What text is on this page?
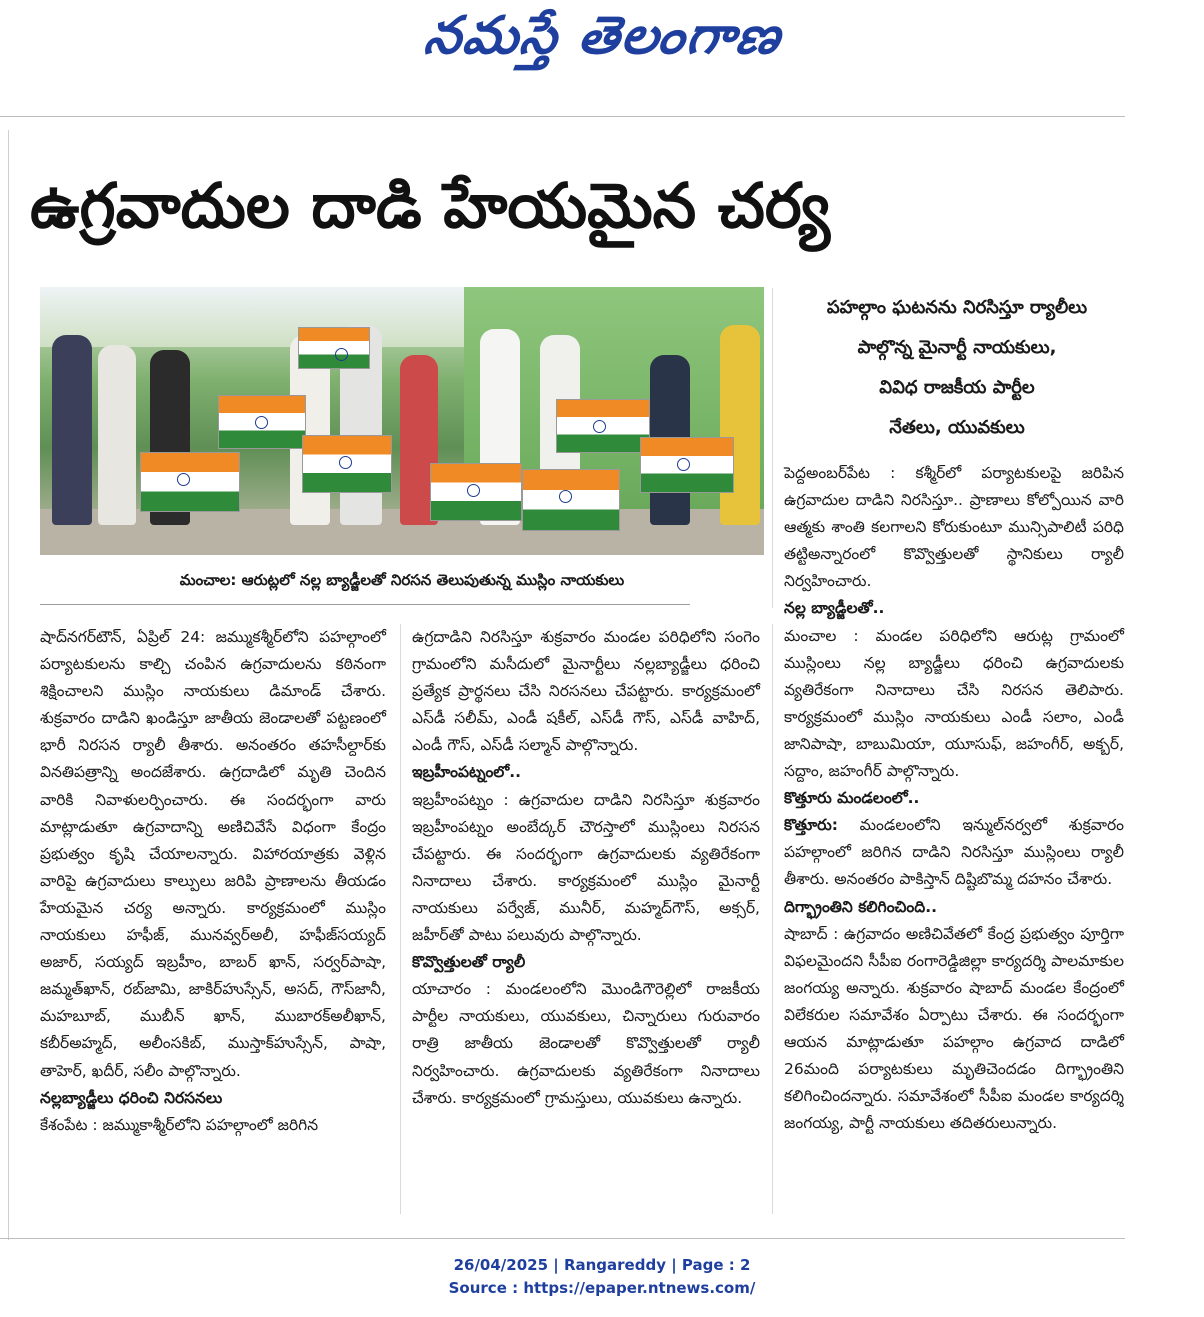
నమస్తే తెలంగాణ
ఉగ్రవాదుల దాడి హేయమైన చర్య
మంచాల: ఆరుట్లలో నల్ల బ్యాడ్జీలతో నిరసన తెలుపుతున్న ముస్లిం నాయకులు
పహల్గాం ఘటనను నిరసిస్తూ ర్యాలీలు
పాల్గొన్న మైనార్టీ నాయకులు,
వివిధ రాజకీయ పార్టీల
నేతలు, యువకులు

షాద్‌నగర్‌టౌన్‌, ఏప్రిల్‌ 24: జమ్ముకశ్మీర్‌లోని పహల్గాంలో పర్యాటకులను కాల్చి చంపిన ఉగ్రవాదులను కఠినంగా శిక్షించాలని ముస్లిం నాయకులు డిమాండ్‌ చేశారు. శుక్రవారం దాడిని ఖండిస్తూ జాతీయ జెండాలతో పట్టణంలో భారీ నిరసన ర్యాలీ తీశారు. అనంతరం తహసీల్దార్‌కు వినతిపత్రాన్ని అందజేశారు. ఉగ్రదాడిలో మృతి చెందిన వారికి నివాళులర్పించారు. ఈ సందర్భంగా వారు మాట్లాడుతూ ఉగ్రవాదాన్ని అణిచివేసే విధంగా కేంద్రం ప్రభుత్వం కృషి చేయాలన్నారు. విహారయాత్రకు వెళ్లిన వారిపై ఉగ్రవాదులు కాల్పులు జరిపి ప్రాణాలను తీయడం హేయమైన చర్య అన్నారు. కార్యక్రమంలో ముస్లిం నాయకులు హఫీజ్‌, మునవ్వర్‌అలీ, హఫీజ్‌సయ్యద్‌ అజార్‌, సయ్యద్‌ ఇబ్రహీం, బాబర్‌ ఖాన్‌, సర్వర్‌పాషా, జమ్మత్‌ఖాన్‌, రబ్‌జామి, జాకిర్‌హుస్సేన్‌, అసద్‌, గౌస్‌జానీ, మహబూబ్‌, ముబీన్‌ ఖాన్‌, ముబారక్‌అలీఖాన్‌, కబీర్‌అహ్మద్‌, అలీంసకిబ్‌, ముస్తాక్‌హుస్సేన్‌, పాషా, తాహెర్‌, ఖదీర్‌, సలీం పాల్గొన్నారు.

నల్లబ్యాడ్జీలు ధరించి నిరసనలు

కేశంపేట : జమ్ముకాశ్మీర్‌లోని పహల్గాంలో జరిగిన

ఉగ్రదాడిని నిరసిస్తూ శుక్రవారం మండల పరిధిలోని సంగెం గ్రామంలోని మసీదులో మైనార్టీలు నల్లబ్యాడ్జీలు ధరించి ప్రత్యేక ప్రార్థనలు చేసి నిరసనలు చేపట్టారు. కార్యక్రమంలో ఎస్‌డీ సలీమ్‌, ఎండీ షకీల్‌, ఎస్‌డీ గౌస్‌, ఎస్‌డీ వాహిద్‌, ఎండీ గౌస్‌, ఎస్‌డీ సల్మాన్‌ పాల్గొన్నారు.

ఇబ్రహీంపట్నంలో..

ఇబ్రహీంపట్నం : ఉగ్రవాదుల దాడిని నిరసిస్తూ శుక్రవారం ఇబ్రహీంపట్నం అంబేద్కర్‌ చౌరస్తాలో ముస్లింలు నిరసన చేపట్టారు. ఈ సందర్భంగా ఉగ్రవాదులకు వ్యతిరేకంగా నినాదాలు చేశారు. కార్యక్రమంలో ముస్లిం మైనార్టీ నాయకులు పర్వేజ్‌, మునీర్‌, మహ్మద్‌గౌస్‌, అక్సర్‌, జహీర్‌తో పాటు పలువురు పాల్గొన్నారు.

కొవ్వొత్తులతో ర్యాలీ

యాచారం : మండలంలోని మొండిగౌరెల్లిలో రాజకీయ పార్టీల నాయకులు, యువకులు, చిన్నారులు గురువారం రాత్రి జాతీయ జెండాలతో కొవ్వొత్తులతో ర్యాలీ నిర్వహించారు. ఉగ్రవాదులకు వ్యతిరేకంగా నినాదాలు చేశారు. కార్యక్రమంలో గ్రామస్తులు, యువకులు ఉన్నారు.

పెద్దఅంబర్‌పేట : కశ్మీర్‌లో పర్యాటకులపై జరిపిన ఉగ్రవాదుల దాడిని నిరసిస్తూ.. ప్రాణాలు కోల్పోయిన వారి ఆత్మకు శాంతి కలగాలని కోరుకుంటూ మున్సిపాలిటీ పరిధి తట్టిఅన్నారంలో కొవ్వొత్తులతో స్థానికులు ర్యాలీ నిర్వహించారు.

నల్ల బ్యాడ్జీలతో..

మంచాల : మండల పరిధిలోని ఆరుట్ల గ్రామంలో ముస్లింలు నల్ల బ్యాడ్జీలు ధరించి ఉగ్రవాదులకు వ్యతిరేకంగా నినాదాలు చేసి నిరసన తెలిపారు. కార్యక్రమంలో ముస్లిం నాయకులు ఎండీ సలాం, ఎండీ జానిపాషా, బాబుమియా, యూసుఫ్‌, జహంగీర్‌, అక్బర్‌, సద్దాం, జహంగీర్‌ పాల్గొన్నారు.

కొత్తూరు మండలంలో..

కొత్తూరు: మండలంలోని ఇన్ముల్‌నర్వలో శుక్రవారం పహల్గాంలో జరిగిన దాడిని నిరసిస్తూ ముస్లింలు ర్యాలీ తీశారు. అనంతరం పాకిస్తాన్‌ దిష్టిబొమ్మ దహనం చేశారు.

దిగ్భ్రాంతిని కలిగించింది..

షాబాద్‌ : ఉగ్రవాదం అణిచివేతలో కేంద్ర ప్రభుత్వం పూర్తిగా విఫలమైందని సీపీఐ రంగారెడ్డిజిల్లా కార్యదర్శి పాలమాకుల జంగయ్య అన్నారు. శుక్రవారం షాబాద్‌ మండల కేంద్రంలో విలేకరుల సమావేశం ఏర్పాటు చేశారు. ఈ సందర్భంగా ఆయన మాట్లాడుతూ పహల్గాం ఉగ్రవాద దాడిలో 26మంది పర్యాటకులు మృతిచెందడం దిగ్భ్రాంతిని కలిగించిందన్నారు. సమావేశంలో సీపీఐ మండల కార్యదర్శి జంగయ్య, పార్టీ నాయకులు తదితరులున్నారు.

26/04/2025 | Rangareddy | Page : 2
Source : https://epaper.ntnews.com/
